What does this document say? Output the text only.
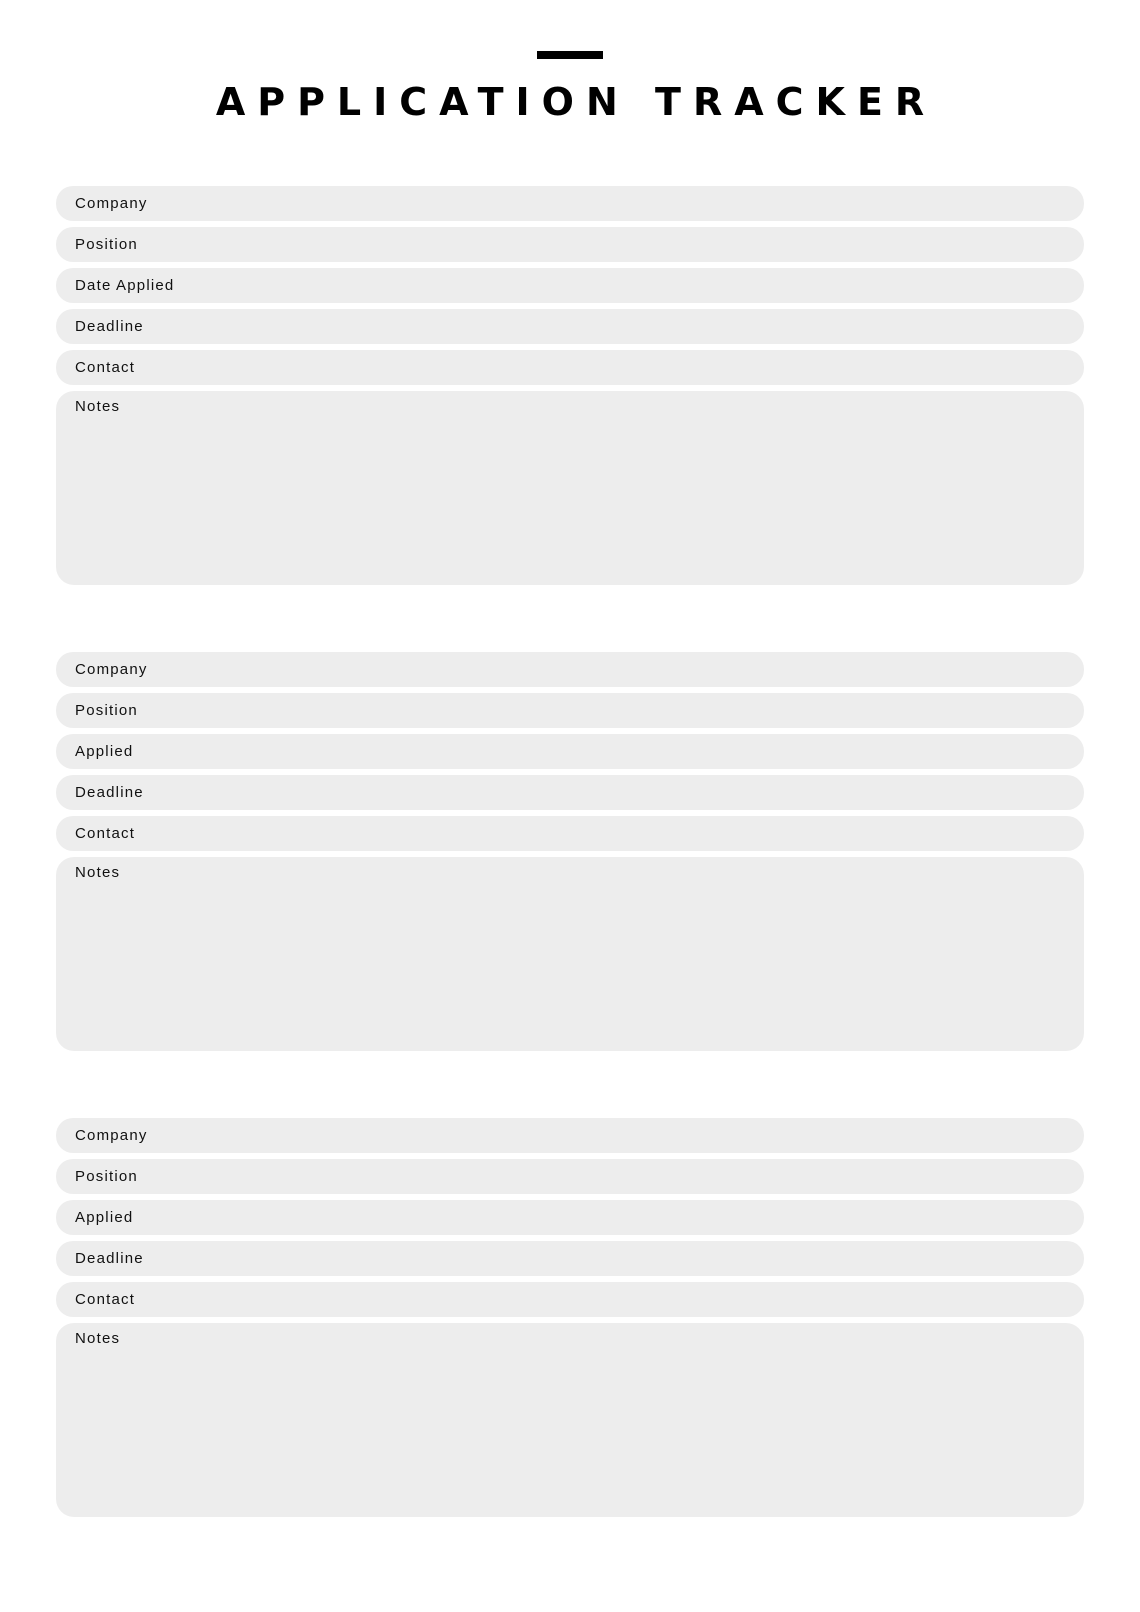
APPLICATION TRACKER
Company
Position
Date Applied
Deadline
Contact
Notes
Company
Position
Applied
Deadline
Contact
Notes
Company
Position
Applied
Deadline
Contact
Notes
